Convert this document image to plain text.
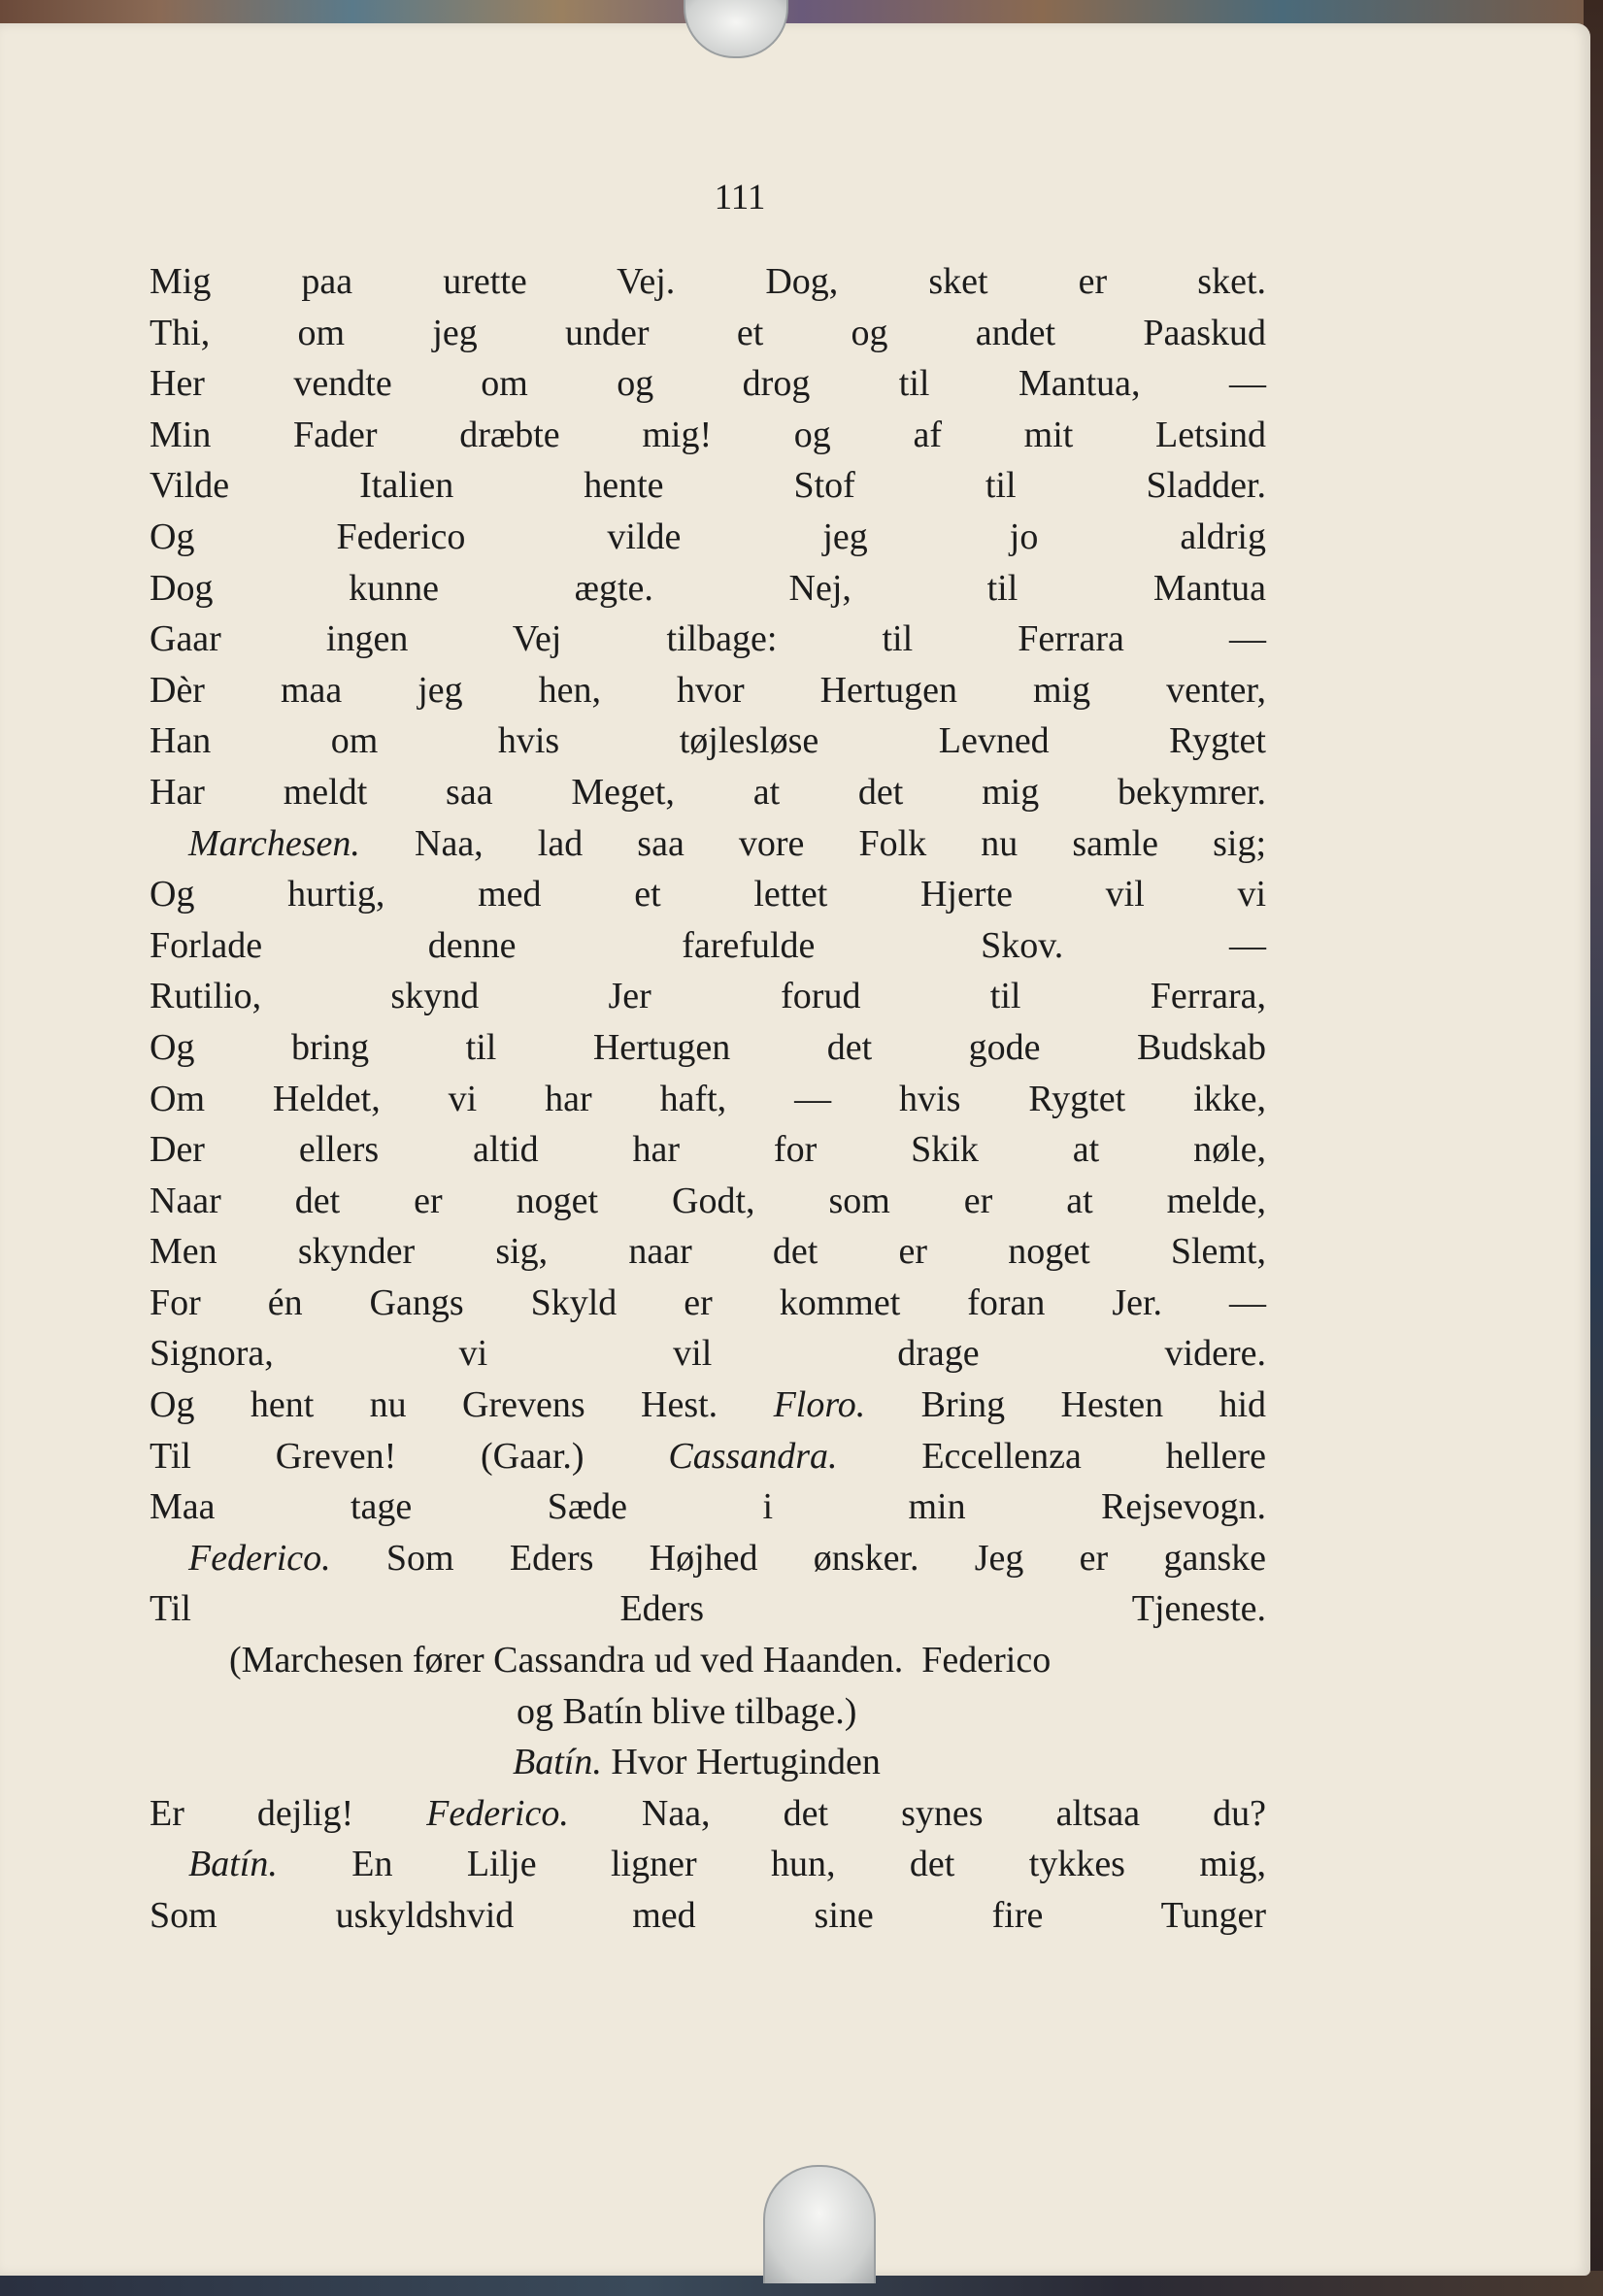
111
Mig paa urette Vej. Dog, sket er sket.
Thi, om jeg under et og andet Paaskud
Her vendte om og drog til Mantua, —
Min Fader dræbte mig! og af mit Letsind
Vilde Italien hente Stof til Sladder.
Og Federico vilde jeg jo aldrig
Dog kunne ægte. Nej, til Mantua
Gaar ingen Vej tilbage: til Ferrara —
Dèr maa jeg hen, hvor Hertugen mig venter,
Han om hvis tøjlesløse Levned Rygtet
Har meldt saa Meget, at det mig bekymrer.
Marchesen. Naa, lad saa vore Folk nu samle sig;
Og hurtig, med et lettet Hjerte vil vi
Forlade denne farefulde Skov. —
Rutilio, skynd Jer forud til Ferrara,
Og bring til Hertugen det gode Budskab
Om Heldet, vi har haft, — hvis Rygtet ikke,
Der ellers altid har for Skik at nøle,
Naar det er noget Godt, som er at melde,
Men skynder sig, naar det er noget Slemt,
For én Gangs Skyld er kommet foran Jer. —
Signora, vi vil drage videre.
Og hent nu Grevens Hest. Floro. Bring Hesten hid
Til Greven! (Gaar.) Cassandra. Eccellenza hellere
Maa tage Sæde i min Rejsevogn.
Federico. Som Eders Højhed ønsker. Jeg er ganske
Til Eders Tjeneste.
(Marchesen fører Cassandra ud ved Haanden.  Federico
og Batín blive tilbage.)
Batín. Hvor Hertuginden
Er dejlig! Federico. Naa, det synes altsaa du?
Batín. En Lilje ligner hun, det tykkes mig,
Som uskyldshvid med sine fire Tunger
